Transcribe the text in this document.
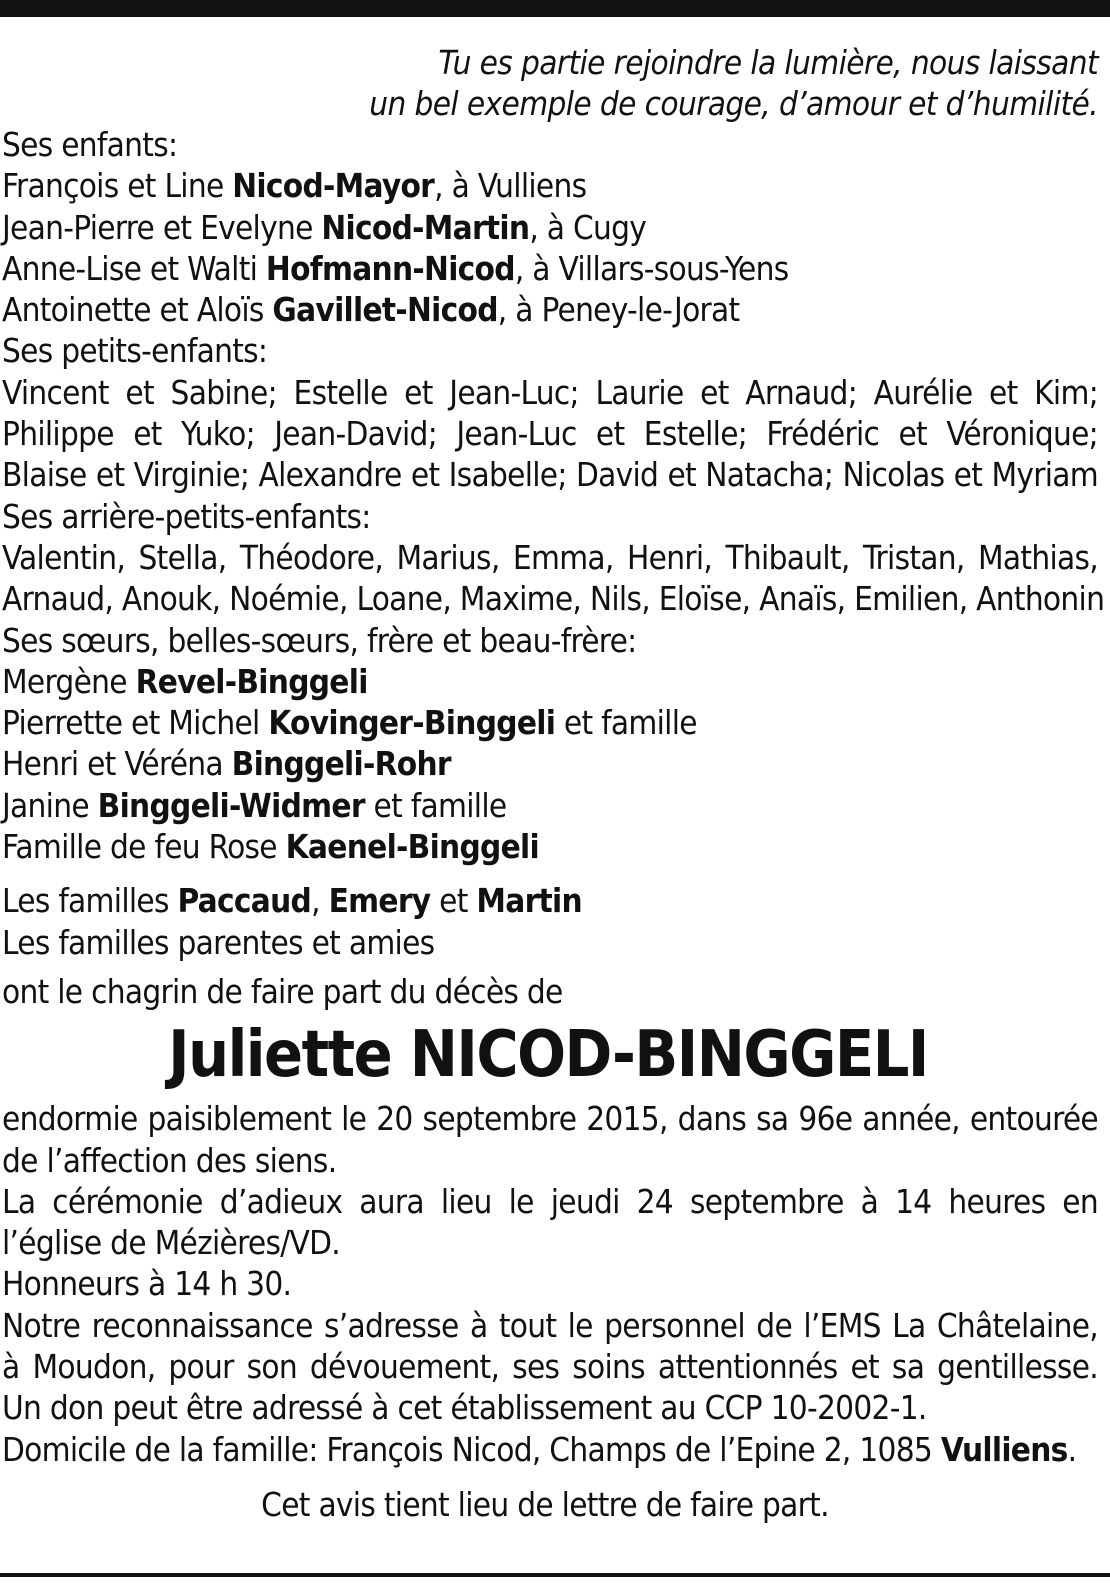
Tu es partie rejoindre la lumière, nous laissant
un bel exemple de courage, d’amour et d’humilité.
Ses enfants:
François et Line Nicod-Mayor, à Vulliens
Jean-Pierre et Evelyne Nicod-Martin, à Cugy
Anne-Lise et Walti Hofmann-Nicod, à Villars-sous-Yens
Antoinette et Aloïs Gavillet-Nicod, à Peney-le-Jorat
Ses petits-enfants:
Vincent et Sabine; Estelle et Jean-Luc; Laurie et Arnaud; Aurélie et Kim;
Philippe et Yuko; Jean-David; Jean-Luc et Estelle; Frédéric et Véronique;
Blaise et Virginie; Alexandre et Isabelle; David et Natacha; Nicolas et Myriam
Ses arrière-petits-enfants:
Valentin, Stella, Théodore, Marius, Emma, Henri, Thibault, Tristan, Mathias,
Arnaud, Anouk, Noémie, Loane, Maxime, Nils, Eloïse, Anaïs, Emilien, Anthonin
Ses sœurs, belles-sœurs, frère et beau-frère:
Mergène Revel-Binggeli
Pierrette et Michel Kovinger-Binggeli et famille
Henri et Véréna Binggeli-Rohr
Janine Binggeli-Widmer et famille
Famille de feu Rose Kaenel-Binggeli
Les familles Paccaud, Emery et Martin
Les familles parentes et amies
ont le chagrin de faire part du décès de
Juliette NICOD-BINGGELI
endormie paisiblement le 20 septembre 2015, dans sa 96e année, entourée
de l’affection des siens.
La cérémonie d’adieux aura lieu le jeudi 24 septembre à 14 heures en
l’église de Mézières/VD.
Honneurs à 14 h 30.
Notre reconnaissance s’adresse à tout le personnel de l’EMS La Châtelaine,
à Moudon, pour son dévouement, ses soins attentionnés et sa gentillesse.
Un don peut être adressé à cet établissement au CCP 10-2002-1.
Domicile de la famille: François Nicod, Champs de l’Epine 2, 1085 Vulliens.
Cet avis tient lieu de lettre de faire part.
